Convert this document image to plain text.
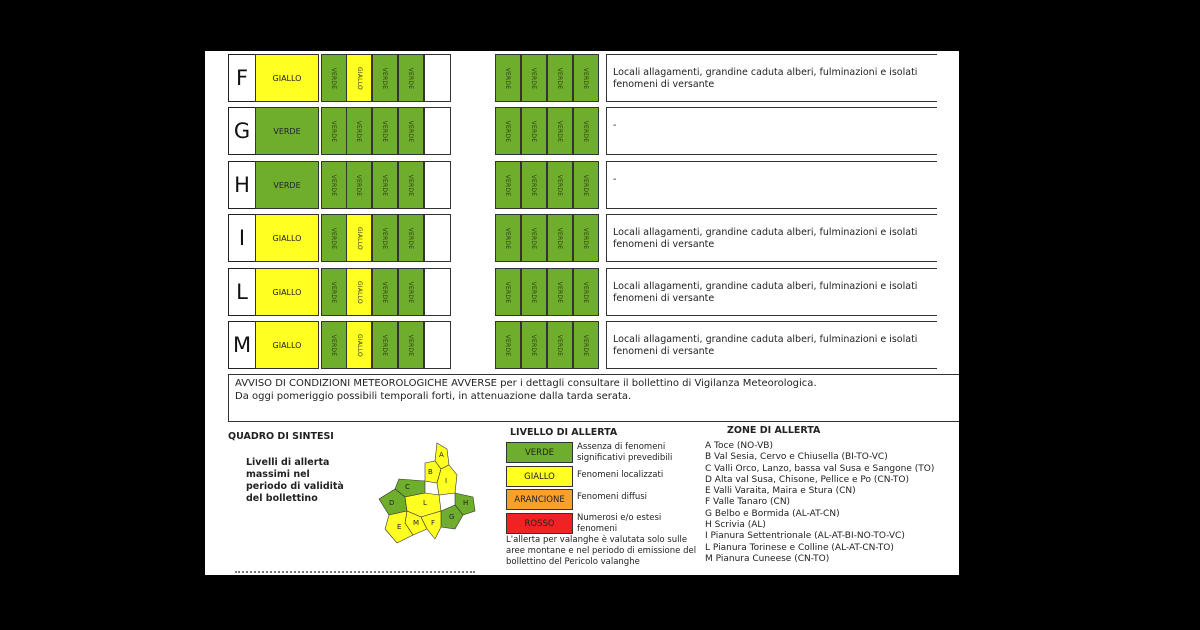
F	GIALLO	VERDE	GIALLO	VERDE	VERDE	VERDE	VERDE	VERDE	VERDE	Locali allagamenti, grandine caduta alberi, fulminazioni e isolati fenomeni di versante
G	VERDE	VERDE	VERDE	VERDE	VERDE	VERDE	VERDE	VERDE	VERDE	-
H	VERDE	VERDE	VERDE	VERDE	VERDE	VERDE	VERDE	VERDE	VERDE	-
I	GIALLO	VERDE	GIALLO	VERDE	VERDE	VERDE	VERDE	VERDE	VERDE	Locali allagamenti, grandine caduta alberi, fulminazioni e isolati fenomeni di versante
L	GIALLO	VERDE	GIALLO	VERDE	VERDE	VERDE	VERDE	VERDE	VERDE	Locali allagamenti, grandine caduta alberi, fulminazioni e isolati fenomeni di versante
M	GIALLO	VERDE	GIALLO	VERDE	VERDE	VERDE	VERDE	VERDE	VERDE	Locali allagamenti, grandine caduta alberi, fulminazioni e isolati fenomeni di versante
AVVISO DI CONDIZIONI METEOROLOGICHE AVVERSE per i dettagli consultare il bollettino di Vigilanza Meteorologica.
Da oggi pomeriggio possibili temporali forti, in attenuazione dalla tarda serata.
QUADRO DI SINTESI
Livelli di allerta massimi nel periodo di validità del bollettino
A
B
C
D
E	F
G
H
I
L
M
LIVELLO DI ALLERTA
VERDE
Assenza di fenomeni significativi prevedibili
GIALLO	Fenomeni localizzati
ARANCIONE	Fenomeni diffusi
ROSSO
Numerosi e/o estesi fenomeni
L'allerta per valanghe è valutata solo sulle aree montane e nel periodo di emissione del bollettino del Pericolo valanghe
ZONE DI ALLERTA
A Toce (NO-VB)
B Val Sesia, Cervo e Chiusella (BI-TO-VC)
C Valli Orco, Lanzo, bassa val Susa e Sangone (TO)
D Alta val Susa, Chisone, Pellice e Po (CN-TO)
E Valli Varaita, Maira e Stura (CN)
F Valle Tanaro (CN)
G Belbo e Bormida (AL-AT-CN)
H Scrivia (AL)
I Pianura Settentrionale (AL-AT-BI-NO-TO-VC)
L Pianura Torinese e Colline (AL-AT-CN-TO)
M Pianura Cuneese (CN-TO)
